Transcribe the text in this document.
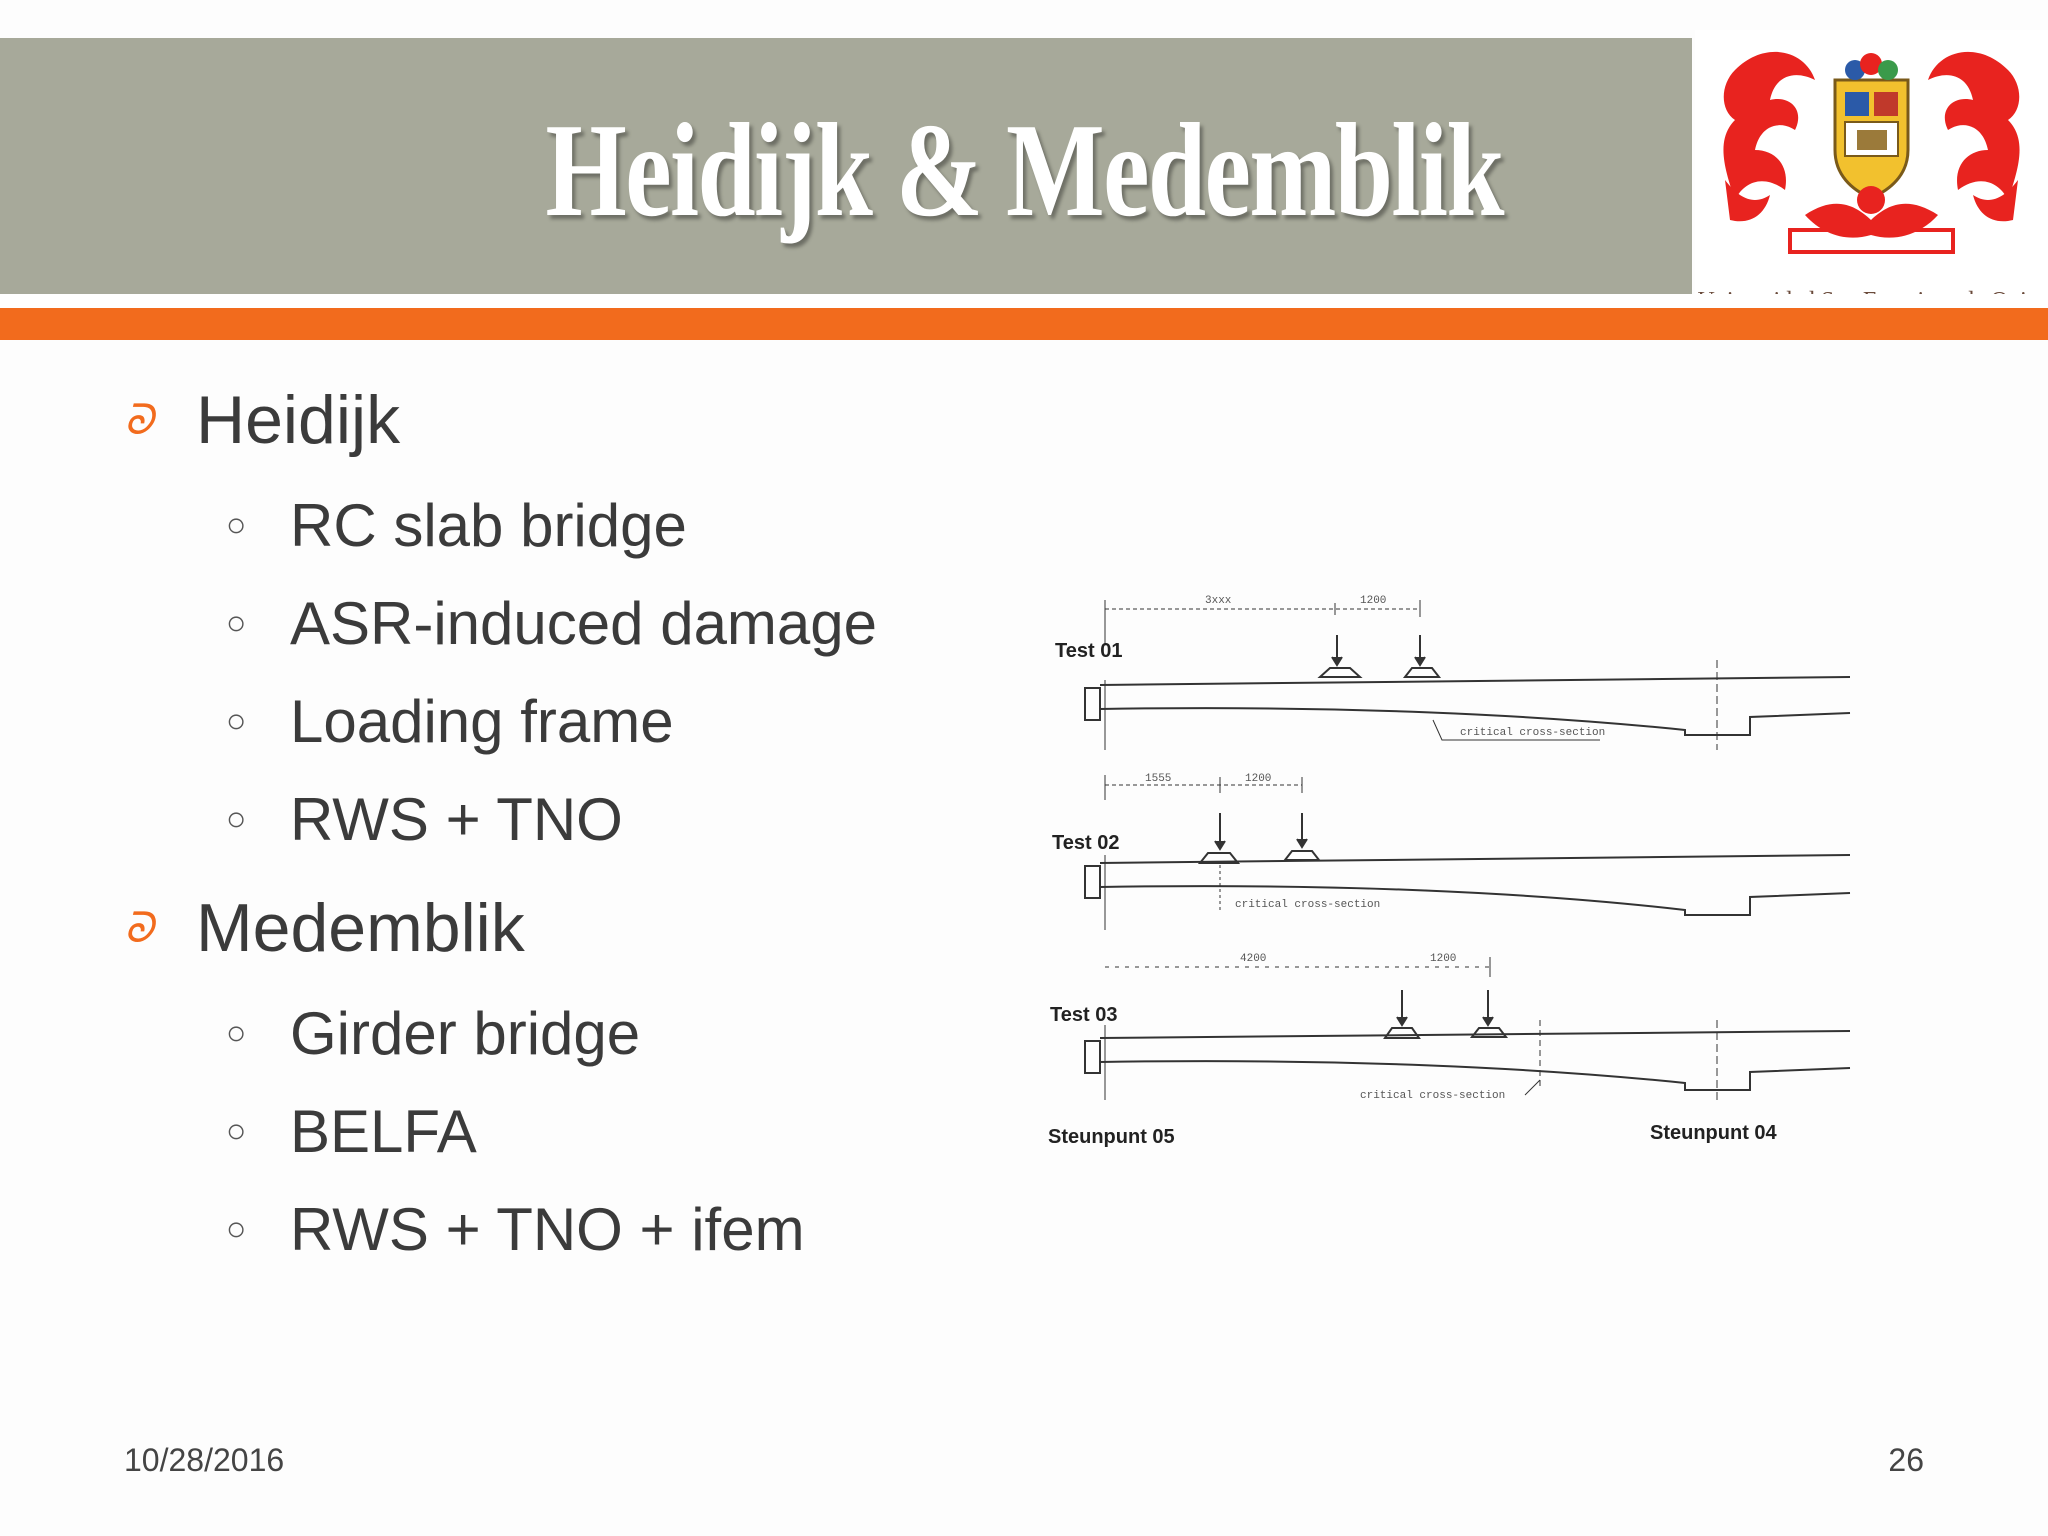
Heidijk & Medemblik
ᘐ Heidijk
○ RC slab bridge
○ ASR-induced damage
○ Loading frame
○ RWS + TNO
ᘐ Medemblik
○ Girder bridge
○ BELFA
○ RWS + TNO + ifem
Test 01
3xxx	1200
critical cross-section
Test 02
1555	1200
critical cross-section
Test 03
4200	1200
critical cross-section
Steunpunt 05	Steunpunt 04
10/28/2016	26
